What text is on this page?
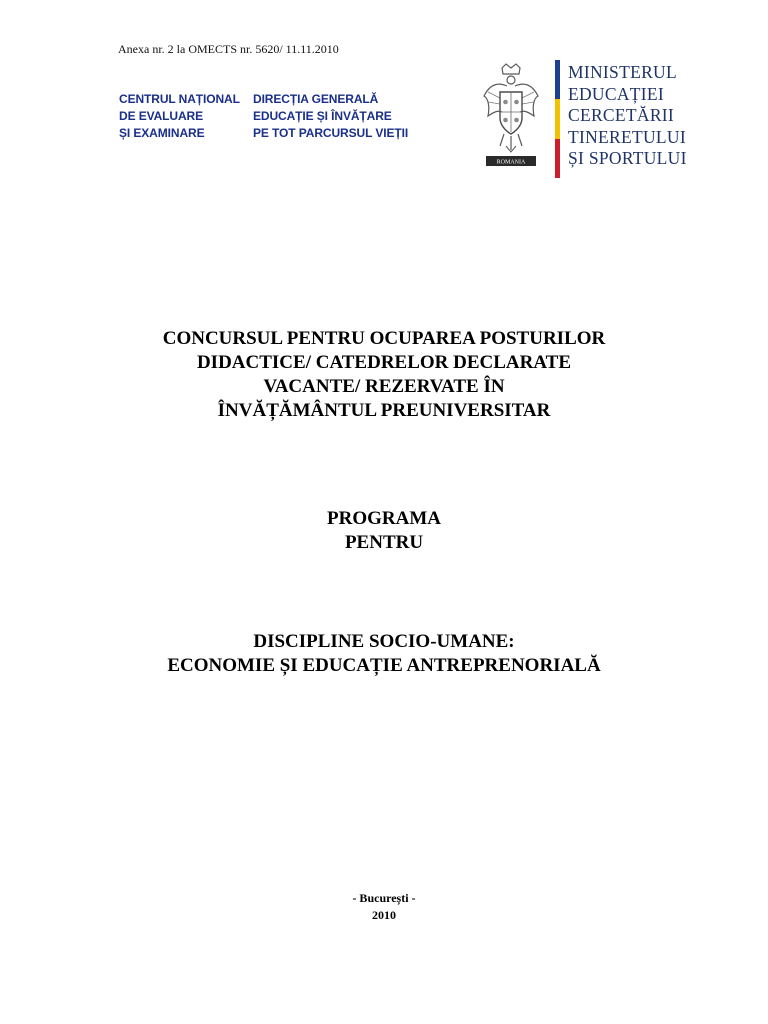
Anexa nr. 2 la OMECTS nr. 5620/ 11.11.2010
CENTRUL NAȚIONAL
DE EVALUARE
ȘI EXAMINARE
DIRECȚIA GENERALĂ
EDUCAȚIE ȘI ÎNVĂȚARE
PE TOT PARCURSUL VIEȚII
ROMANIA
MINISTERUL
EDUCAȚIEI
CERCETĂRII
TINERETULUI
ȘI SPORTULUI
CONCURSUL PENTRU OCUPAREA POSTURILOR
DIDACTICE/ CATEDRELOR DECLARATE
VACANTE/ REZERVATE ÎN
ÎNVĂȚĂMÂNTUL PREUNIVERSITAR
PROGRAMA
PENTRU
DISCIPLINE SOCIO-UMANE:
ECONOMIE ȘI EDUCAȚIE ANTREPRENORIALĂ
- București -
2010
